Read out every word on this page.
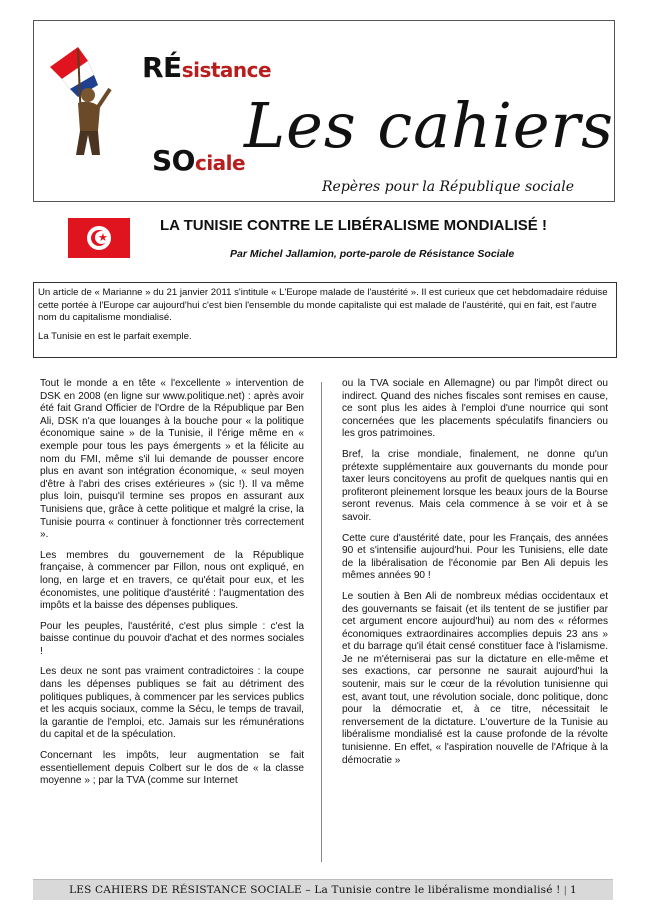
RÉsistance
Les cahiers
SOciale
Repères pour la République sociale
★
LA TUNISIE CONTRE LE LIBÉRALISME MONDIALISÉ !
Par Michel Jallamion, porte-parole de Résistance Sociale

Un article de « Marianne » du 21 janvier 2011 s'intitule « L'Europe malade de l'austérité ». Il est curieux que cet hebdomadaire réduise cette portée à l'Europe car aujourd'hui c'est bien l'ensemble du monde capitaliste qui est malade de l'austérité, qui en fait, est l'autre nom du capitalisme mondialisé.

La Tunisie en est le parfait exemple.

Tout le monde a en tête « l'excellente » intervention de DSK en 2008 (en ligne sur www.politique.net) : après avoir été fait Grand Officier de l'Ordre de la République par Ben Ali, DSK n'a que louanges à la bouche pour « la politique économique saine » de la Tunisie, il l'érige même en « exemple pour tous les pays émergents » et la félicite au nom du FMI, même s'il lui demande de pousser encore plus en avant son intégration économique, « seul moyen d'être à l'abri des crises extérieures » (sic !). Il va même plus loin, puisqu'il termine ses propos en assurant aux Tunisiens que, grâce à cette politique et malgré la crise, la Tunisie pourra « continuer à fonctionner très correctement ».

Les membres du gouvernement de la République française, à commencer par Fillon, nous ont expliqué, en long, en large et en travers, ce qu'était pour eux, et les économistes, une politique d'austérité : l'augmentation des impôts et la baisse des dépenses publiques.

Pour les peuples, l'austérité, c'est plus simple : c'est la baisse continue du pouvoir d'achat et des normes sociales !

Les deux ne sont pas vraiment contradictoires : la coupe dans les dépenses publiques se fait au détriment des politiques publiques, à commencer par les services publics et les acquis sociaux, comme la Sécu, le temps de travail, la garantie de l'emploi, etc. Jamais sur les rémunérations du capital et de la spéculation.

Concernant les impôts, leur augmentation se fait essentiellement depuis Colbert sur le dos de « la classe moyenne » ; par la TVA (comme sur Internet

ou la TVA sociale en Allemagne) ou par l'impôt direct ou indirect. Quand des niches fiscales sont remises en cause, ce sont plus les aides à l'emploi d'une nourrice qui sont concernées que les placements spéculatifs financiers ou les gros patrimoines.

Bref, la crise mondiale, finalement, ne donne qu'un prétexte supplémentaire aux gouvernants du monde pour taxer leurs concitoyens au profit de quelques nantis qui en profiteront pleinement lorsque les beaux jours de la Bourse seront revenus. Mais cela commence à se voir et à se savoir.

Cette cure d'austérité date, pour les Français, des années 90 et s'intensifie aujourd'hui. Pour les Tunisiens, elle date de la libéralisation de l'économie par Ben Ali depuis les mêmes années 90 !

Le soutien à Ben Ali de nombreux médias occidentaux et des gouvernants se faisait (et ils tentent de se justifier par cet argument encore aujourd'hui) au nom des « réformes économiques extraordinaires accomplies depuis 23 ans » et du barrage qu'il était censé constituer face à l'islamisme. Je ne m'éterniserai pas sur la dictature en elle-même et ses exactions, car personne ne saurait aujourd'hui la soutenir, mais sur le cœur de la révolution tunisienne qui est, avant tout, une révolution sociale, donc politique, donc pour la démocratie et, à ce titre, nécessitait le renversement de la dictature. L'ouverture de la Tunisie au libéralisme mondialisé est la cause profonde de la révolte tunisienne. En effet, « l'aspiration nouvelle de l'Afrique à la démocratie »

LES CAHIERS DE RÉSISTANCE SOCIALE – La Tunisie contre le libéralisme mondialisé ! | 1
